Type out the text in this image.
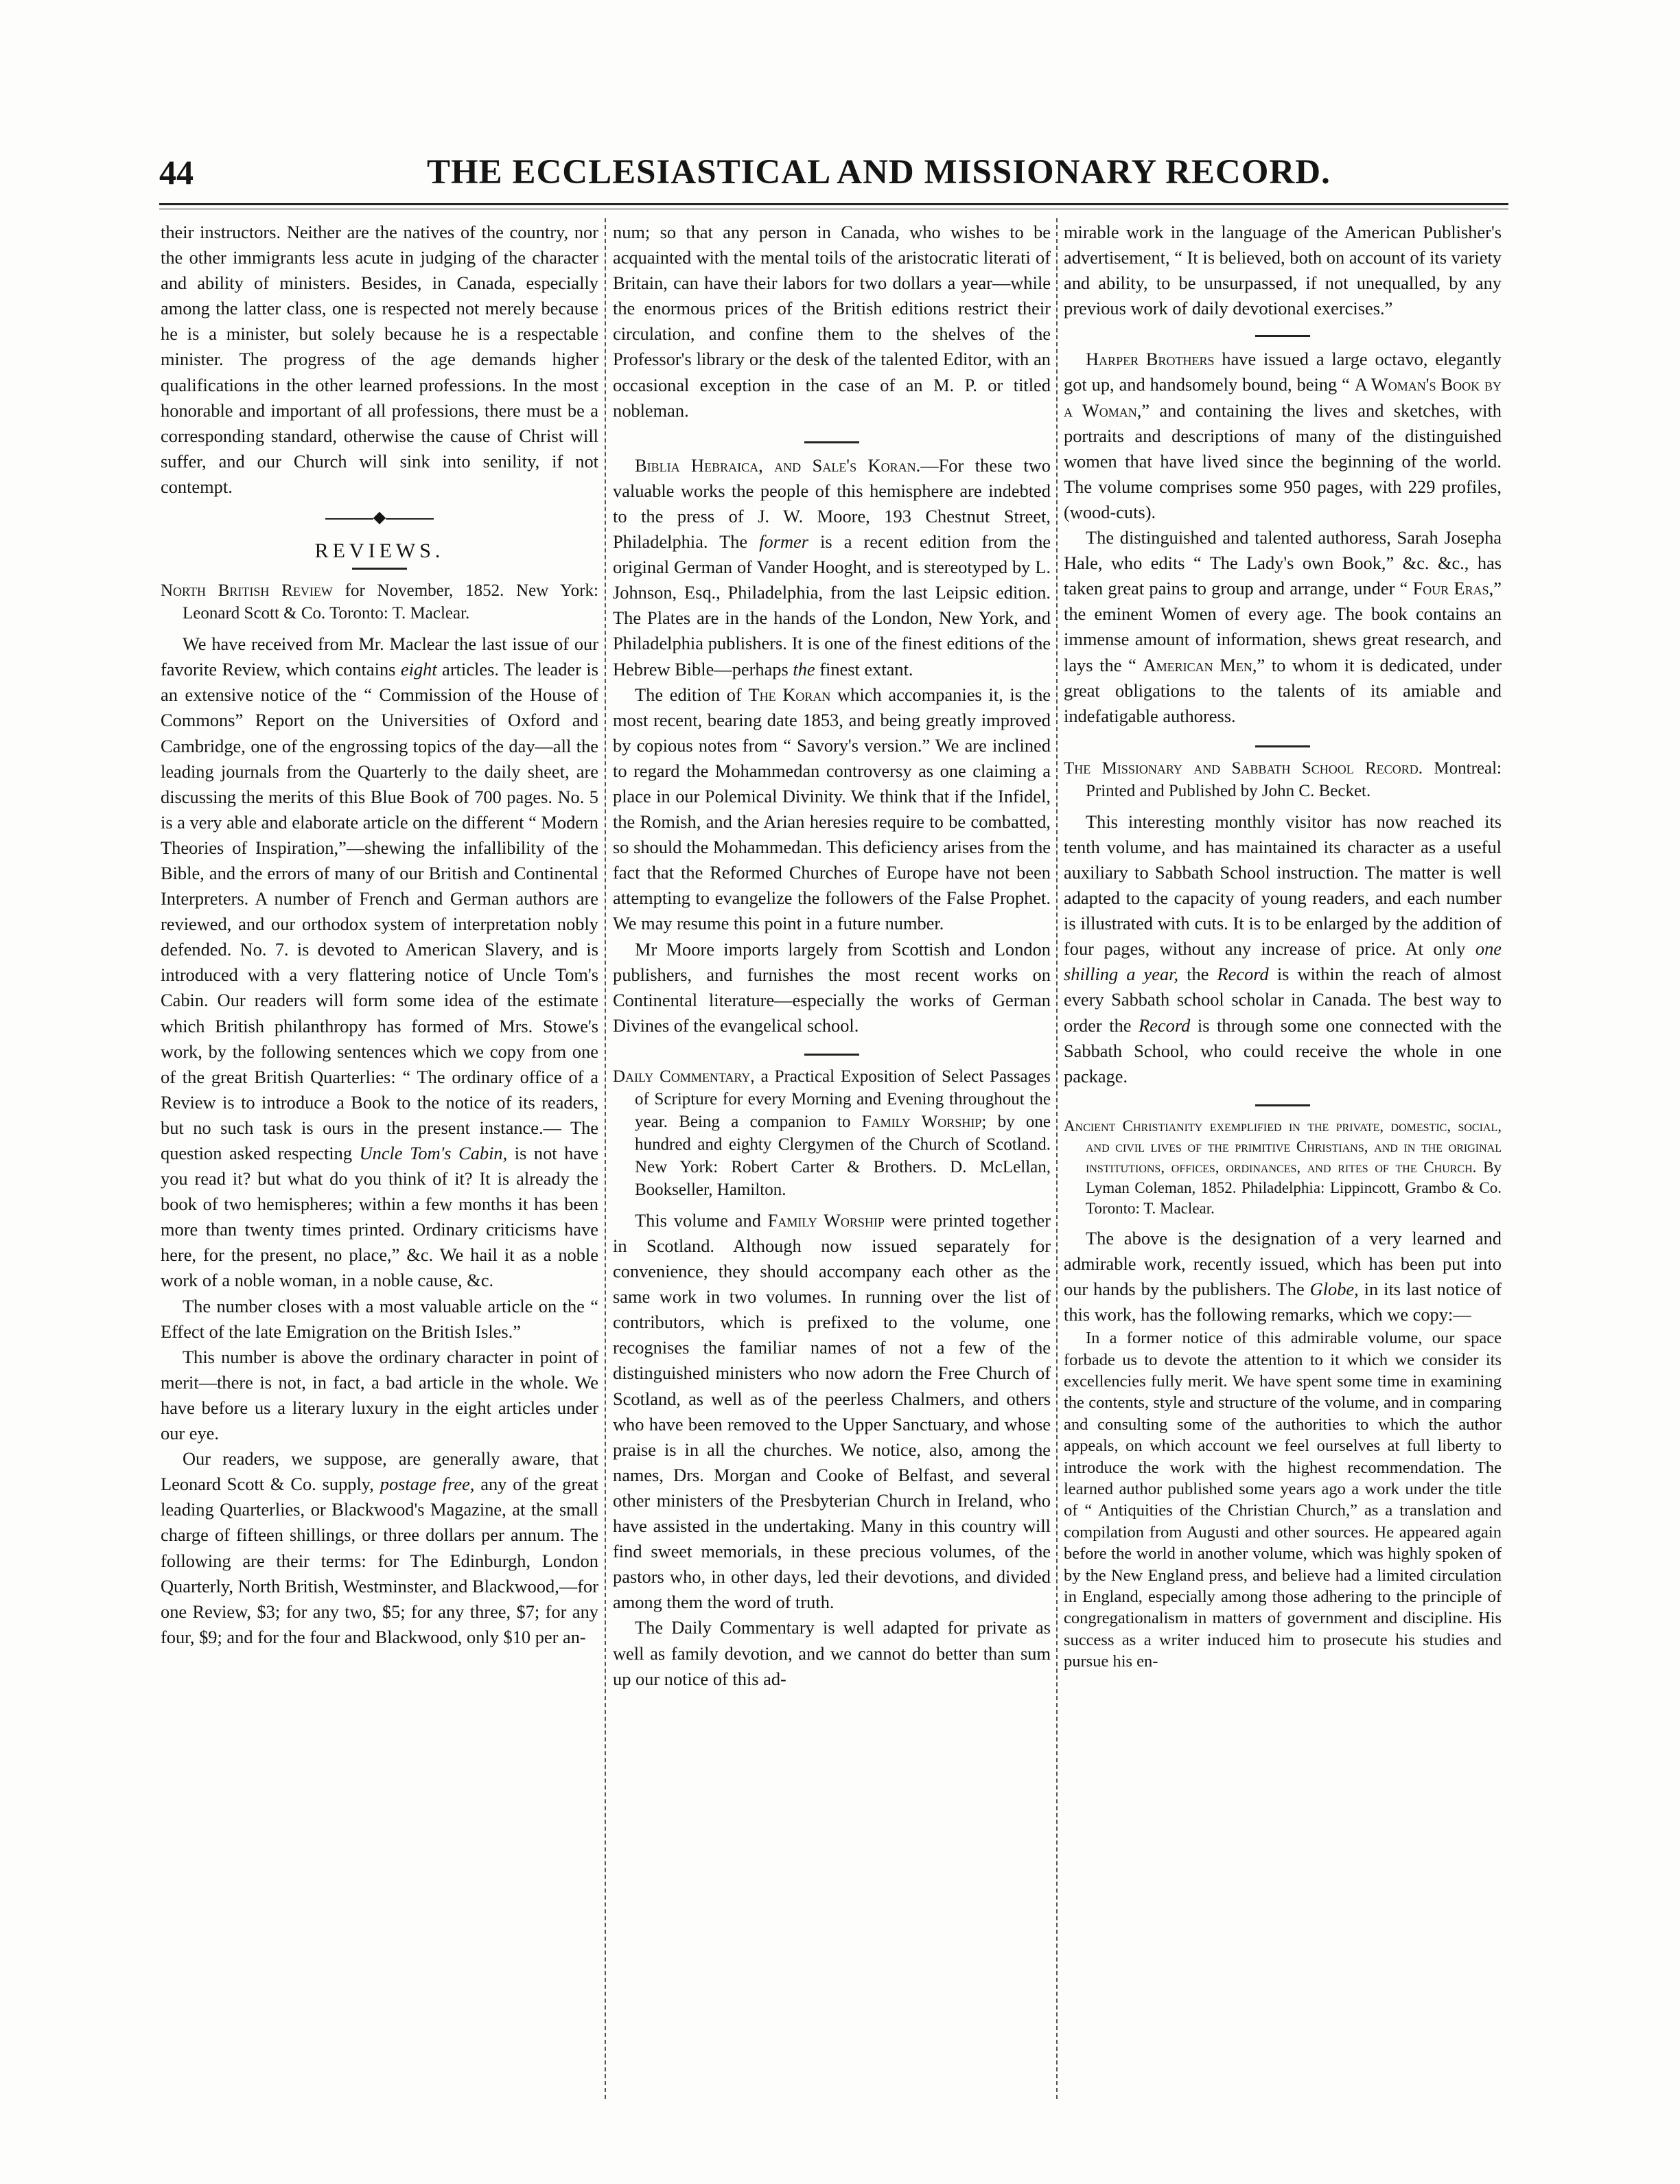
44	THE ECCLESIASTICAL AND MISSIONARY RECORD.

their instructors. Neither are the natives of the country, nor the other immigrants less acute in judging of the character and ability of ministers. Besides, in Canada, especially among the latter class, one is respected not merely because he is a minister, but solely because he is a respectable minister. The progress of the age demands higher qualifications in the other learned professions. In the most honorable and important of all professions, there must be a corresponding standard, otherwise the cause of Christ will suffer, and our Church will sink into senility, if not contempt.

◆

REVIEWS.

North British Review for November, 1852. New York: Leonard Scott & Co. Toronto: T. Maclear.

We have received from Mr. Maclear the last issue of our favorite Review, which contains eight articles. The leader is an extensive notice of the “ Commission of the House of Commons” Report on the Universities of Oxford and Cambridge, one of the engrossing topics of the day—all the leading journals from the Quarterly to the daily sheet, are discussing the merits of this Blue Book of 700 pages. No. 5 is a very able and elaborate article on the different “ Modern Theories of Inspiration,”—shewing the infallibility of the Bible, and the errors of many of our British and Continental Interpreters. A number of French and German authors are reviewed, and our orthodox system of interpretation nobly defended. No. 7. is devoted to American Slavery, and is introduced with a very flattering notice of Uncle Tom's Cabin. Our readers will form some idea of the estimate which British philanthropy has formed of Mrs. Stowe's work, by the following sentences which we copy from one of the great British Quarterlies: “ The ordinary office of a Review is to introduce a Book to the notice of its readers, but no such task is ours in the present instance.— The question asked respecting Uncle Tom's Cabin, is not have you read it? but what do you think of it? It is already the book of two hemispheres; within a few months it has been more than twenty times printed. Ordinary criticisms have here, for the present, no place,” &c. We hail it as a noble work of a noble woman, in a noble cause, &c.

The number closes with a most valuable article on the “ Effect of the late Emigration on the British Isles.”

This number is above the ordinary character in point of merit—there is not, in fact, a bad article in the whole. We have before us a literary luxury in the eight articles under our eye.

Our readers, we suppose, are generally aware, that Leonard Scott & Co. supply, postage free, any of the great leading Quarterlies, or Blackwood's Magazine, at the small charge of fifteen shillings, or three dollars per annum. The following are their terms: for The Edinburgh, London Quarterly, North British, Westminster, and Blackwood,—for one Review, $3; for any two, $5; for any three, $7; for any four, $9; and for the four and Blackwood, only $10 per an-

num; so that any person in Canada, who wishes to be acquainted with the mental toils of the aristocratic literati of Britain, can have their labors for two dollars a year—while the enormous prices of the British editions restrict their circulation, and confine them to the shelves of the Professor's library or the desk of the talented Editor, with an occasional exception in the case of an M. P. or titled nobleman.

Biblia Hebraica, and Sale's Koran.—For these two valuable works the people of this hemisphere are indebted to the press of J. W. Moore, 193 Chestnut Street, Philadelphia. The former is a recent edition from the original German of Vander Hooght, and is stereotyped by L. Johnson, Esq., Philadelphia, from the last Leipsic edition. The Plates are in the hands of the London, New York, and Philadelphia publishers. It is one of the finest editions of the Hebrew Bible—perhaps the finest extant.

The edition of The Koran which accompanies it, is the most recent, bearing date 1853, and being greatly improved by copious notes from “ Savory's version.” We are inclined to regard the Mohammedan controversy as one claiming a place in our Polemical Divinity. We think that if the Infidel, the Romish, and the Arian heresies require to be combatted, so should the Mohammedan. This deficiency arises from the fact that the Reformed Churches of Europe have not been attempting to evangelize the followers of the False Prophet. We may resume this point in a future number.

Mr Moore imports largely from Scottish and London publishers, and furnishes the most recent works on Continental literature—especially the works of German Divines of the evangelical school.

Daily Commentary, a Practical Exposition of Select Passages of Scripture for every Morning and Evening throughout the year. Being a companion to Family Worship; by one hundred and eighty Clergymen of the Church of Scotland. New York: Robert Carter & Brothers. D. McLellan, Bookseller, Hamilton.

This volume and Family Worship were printed together in Scotland. Although now issued separately for convenience, they should accompany each other as the same work in two volumes. In running over the list of contributors, which is prefixed to the volume, one recognises the familiar names of not a few of the distinguished ministers who now adorn the Free Church of Scotland, as well as of the peerless Chalmers, and others who have been removed to the Upper Sanctuary, and whose praise is in all the churches. We notice, also, among the names, Drs. Morgan and Cooke of Belfast, and several other ministers of the Presbyterian Church in Ireland, who have assisted in the undertaking. Many in this country will find sweet memorials, in these precious volumes, of the pastors who, in other days, led their devotions, and divided among them the word of truth.

The Daily Commentary is well adapted for private as well as family devotion, and we cannot do better than sum up our notice of this ad-

mirable work in the language of the American Publisher's advertisement, “ It is believed, both on account of its variety and ability, to be unsurpassed, if not unequalled, by any previous work of daily devotional exercises.”

Harper Brothers have issued a large octavo, elegantly got up, and handsomely bound, being “ A Woman's Book by a Woman,” and containing the lives and sketches, with portraits and descriptions of many of the distinguished women that have lived since the beginning of the world. The volume comprises some 950 pages, with 229 profiles, (wood-cuts).

The distinguished and talented authoress, Sarah Josepha Hale, who edits “ The Lady's own Book,” &c. &c., has taken great pains to group and arrange, under “ Four Eras,” the eminent Women of every age. The book contains an immense amount of information, shews great research, and lays the “ American Men,” to whom it is dedicated, under great obligations to the talents of its amiable and indefatigable authoress.

The Missionary and Sabbath School Record. Montreal: Printed and Published by John C. Becket.

This interesting monthly visitor has now reached its tenth volume, and has maintained its character as a useful auxiliary to Sabbath School instruction. The matter is well adapted to the capacity of young readers, and each number is illustrated with cuts. It is to be enlarged by the addition of four pages, without any increase of price. At only one shilling a year, the Record is within the reach of almost every Sabbath school scholar in Canada. The best way to order the Record is through some one connected with the Sabbath School, who could receive the whole in one package.

Ancient Christianity exemplified in the private, domestic, social, and civil lives of the primitive Christians, and in the original institutions, offices, ordinances, and rites of the Church. By Lyman Coleman, 1852. Philadelphia: Lippincott, Grambo & Co. Toronto: T. Maclear.

The above is the designation of a very learned and admirable work, recently issued, which has been put into our hands by the publishers. The Globe, in its last notice of this work, has the following remarks, which we copy:—

In a former notice of this admirable volume, our space forbade us to devote the attention to it which we consider its excellencies fully merit. We have spent some time in examining the contents, style and structure of the volume, and in comparing and consulting some of the authorities to which the author appeals, on which account we feel ourselves at full liberty to introduce the work with the highest recommendation. The learned author published some years ago a work under the title of “ Antiquities of the Christian Church,” as a translation and compilation from Augusti and other sources. He appeared again before the world in another volume, which was highly spoken of by the New England press, and believe had a limited circulation in England, especially among those adhering to the principle of congregationalism in matters of government and discipline. His success as a writer induced him to prosecute his studies and pursue his en-
